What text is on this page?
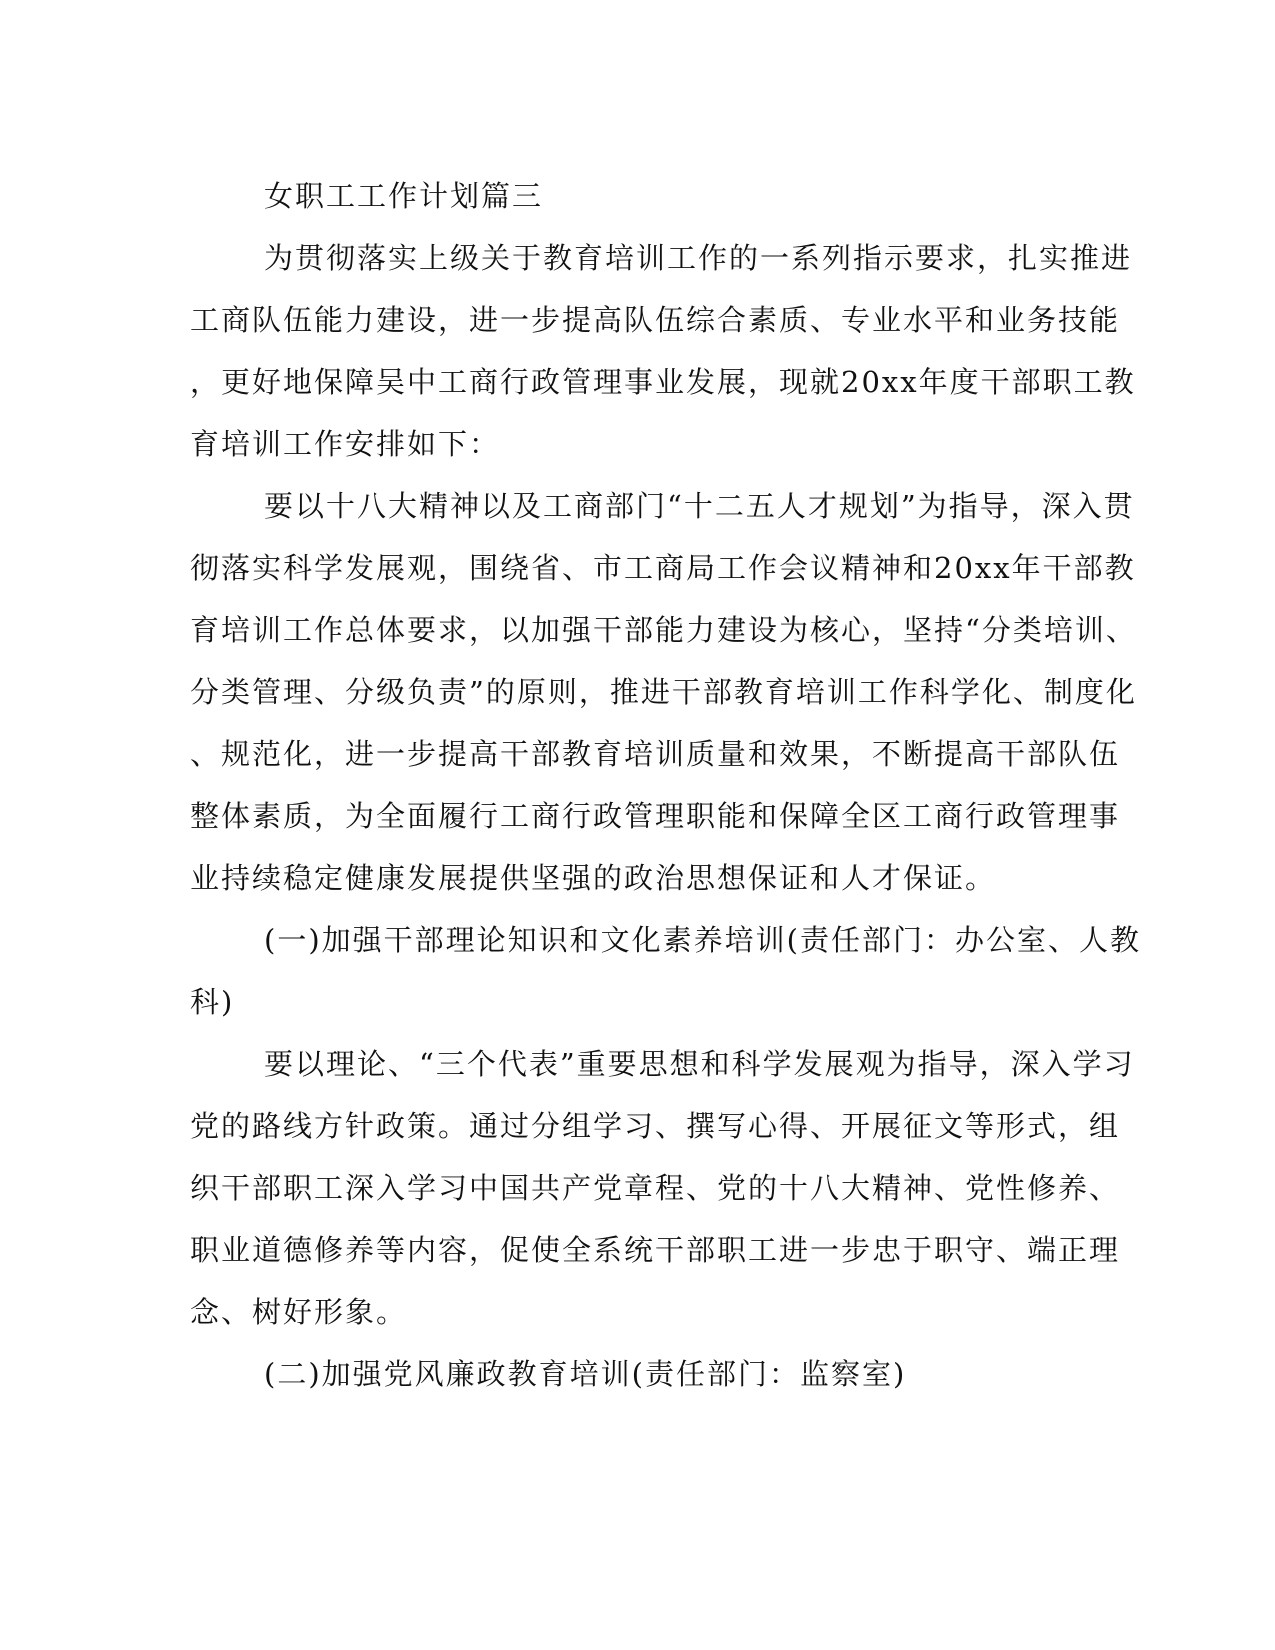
女职工工作计划篇三
为贯彻落实上级关于教育培训工作的一系列指示要求，扎实推进
工商队伍能力建设，进一步提高队伍综合素质、专业水平和业务技能
，更好地保障吴中工商行政管理事业发展，现就20xx年度干部职工教
育培训工作安排如下：
要以十八大精神以及工商部门“十二五人才规划”为指导，深入贯
彻落实科学发展观，围绕省、市工商局工作会议精神和20xx年干部教
育培训工作总体要求，以加强干部能力建设为核心，坚持“分类培训、
分类管理、分级负责”的原则，推进干部教育培训工作科学化、制度化
、规范化，进一步提高干部教育培训质量和效果，不断提高干部队伍
整体素质，为全面履行工商行政管理职能和保障全区工商行政管理事
业持续稳定健康发展提供坚强的政治思想保证和人才保证。
(一)加强干部理论知识和文化素养培训(责任部门：办公室、人教
科)
要以理论、“三个代表”重要思想和科学发展观为指导，深入学习
党的路线方针政策。通过分组学习、撰写心得、开展征文等形式，组
织干部职工深入学习中国共产党章程、党的十八大精神、党性修养、
职业道德修养等内容，促使全系统干部职工进一步忠于职守、端正理
念、树好形象。
(二)加强党风廉政教育培训(责任部门：监察室)
